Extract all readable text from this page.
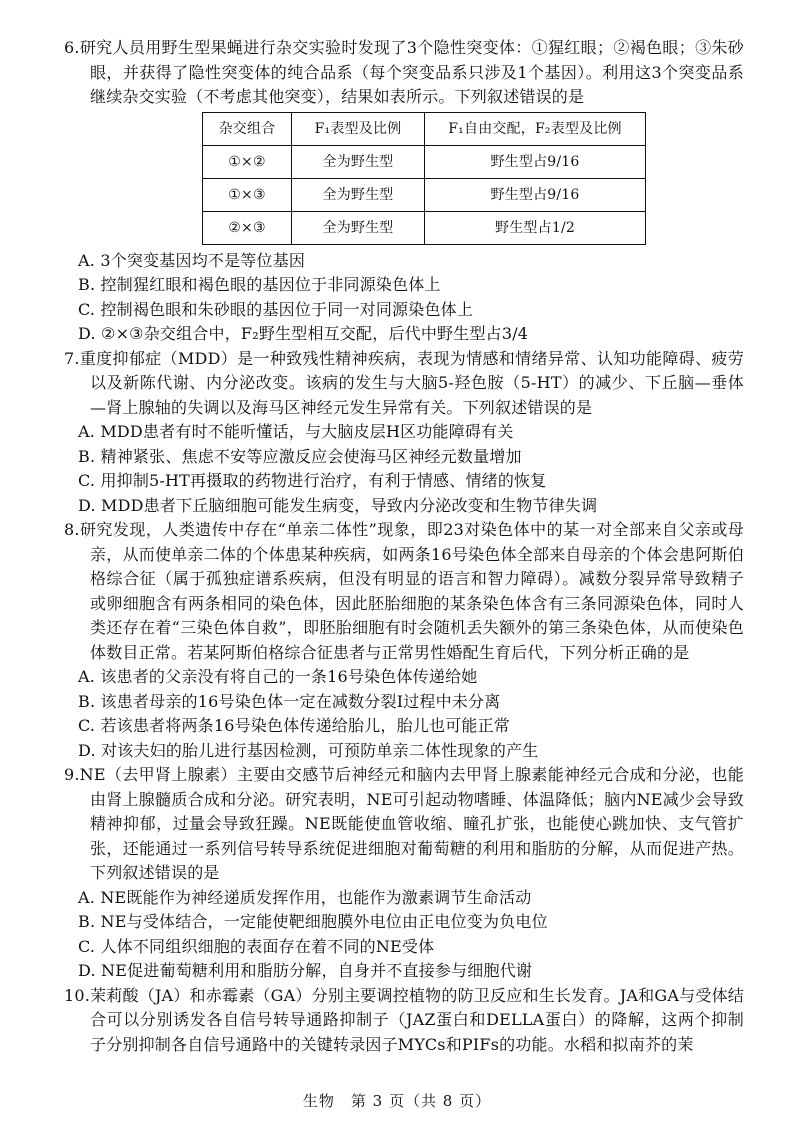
6.研究人员用野生型果蝇进行杂交实验时发现了3个隐性突变体：①猩红眼；②褐色眼；③朱砂眼，并获得了隐性突变体的纯合品系（每个突变品系只涉及1个基因）。利用这3个突变品系继续杂交实验（不考虑其他突变），结果如表所示。下列叙述错误的是

杂交组合	F₁表型及比例	F₁自由交配，F₂表型及比例
①×②	全为野生型	野生型占9/16
①×③	全为野生型	野生型占9/16
②×③	全为野生型	野生型占1/2

A. 3个突变基因均不是等位基因

B. 控制猩红眼和褐色眼的基因位于非同源染色体上

C. 控制褐色眼和朱砂眼的基因位于同一对同源染色体上

D. ②×③杂交组合中，F₂野生型相互交配，后代中野生型占3/4

7.重度抑郁症（MDD）是一种致残性精神疾病，表现为情感和情绪异常、认知功能障碍、疲劳以及新陈代谢、内分泌改变。该病的发生与大脑5-羟色胺（5-HT）的减少、下丘脑—垂体—肾上腺轴的失调以及海马区神经元发生异常有关。下列叙述错误的是

A. MDD患者有时不能听懂话，与大脑皮层H区功能障碍有关

B. 精神紧张、焦虑不安等应激反应会使海马区神经元数量增加

C. 用抑制5-HT再摄取的药物进行治疗，有利于情感、情绪的恢复

D. MDD患者下丘脑细胞可能发生病变，导致内分泌改变和生物节律失调

8.研究发现，人类遗传中存在“单亲二体性”现象，即23对染色体中的某一对全部来自父亲或母亲，从而使单亲二体的个体患某种疾病，如两条16号染色体全部来自母亲的个体会患阿斯伯格综合征（属于孤独症谱系疾病，但没有明显的语言和智力障碍）。减数分裂异常导致精子或卵细胞含有两条相同的染色体，因此胚胎细胞的某条染色体含有三条同源染色体，同时人类还存在着“三染色体自救”，即胚胎细胞有时会随机丢失额外的第三条染色体，从而使染色体数目正常。若某阿斯伯格综合征患者与正常男性婚配生育后代，下列分析正确的是

A. 该患者的父亲没有将自己的一条16号染色体传递给她

B. 该患者母亲的16号染色体一定在减数分裂Ⅰ过程中未分离

C. 若该患者将两条16号染色体传递给胎儿，胎儿也可能正常

D. 对该夫妇的胎儿进行基因检测，可预防单亲二体性现象的产生

9.NE（去甲肾上腺素）主要由交感节后神经元和脑内去甲肾上腺素能神经元合成和分泌，也能由肾上腺髓质合成和分泌。研究表明，NE可引起动物嗜睡、体温降低；脑内NE减少会导致精神抑郁，过量会导致狂躁。NE既能使血管收缩、瞳孔扩张，也能使心跳加快、支气管扩张，还能通过一系列信号转导系统促进细胞对葡萄糖的利用和脂肪的分解，从而促进产热。下列叙述错误的是

A. NE既能作为神经递质发挥作用，也能作为激素调节生命活动

B. NE与受体结合，一定能使靶细胞膜外电位由正电位变为负电位

C. 人体不同组织细胞的表面存在着不同的NE受体

D. NE促进葡萄糖利用和脂肪分解，自身并不直接参与细胞代谢

10.茉莉酸（JA）和赤霉素（GA）分别主要调控植物的防卫反应和生长发育。JA和GA与受体结合可以分别诱发各自信号转导通路抑制子（JAZ蛋白和DELLA蛋白）的降解，这两个抑制子分别抑制各自信号通路中的关键转录因子MYCs和PIFs的功能。水稻和拟南芥的茉

生物　第 3 页（共 8 页）
